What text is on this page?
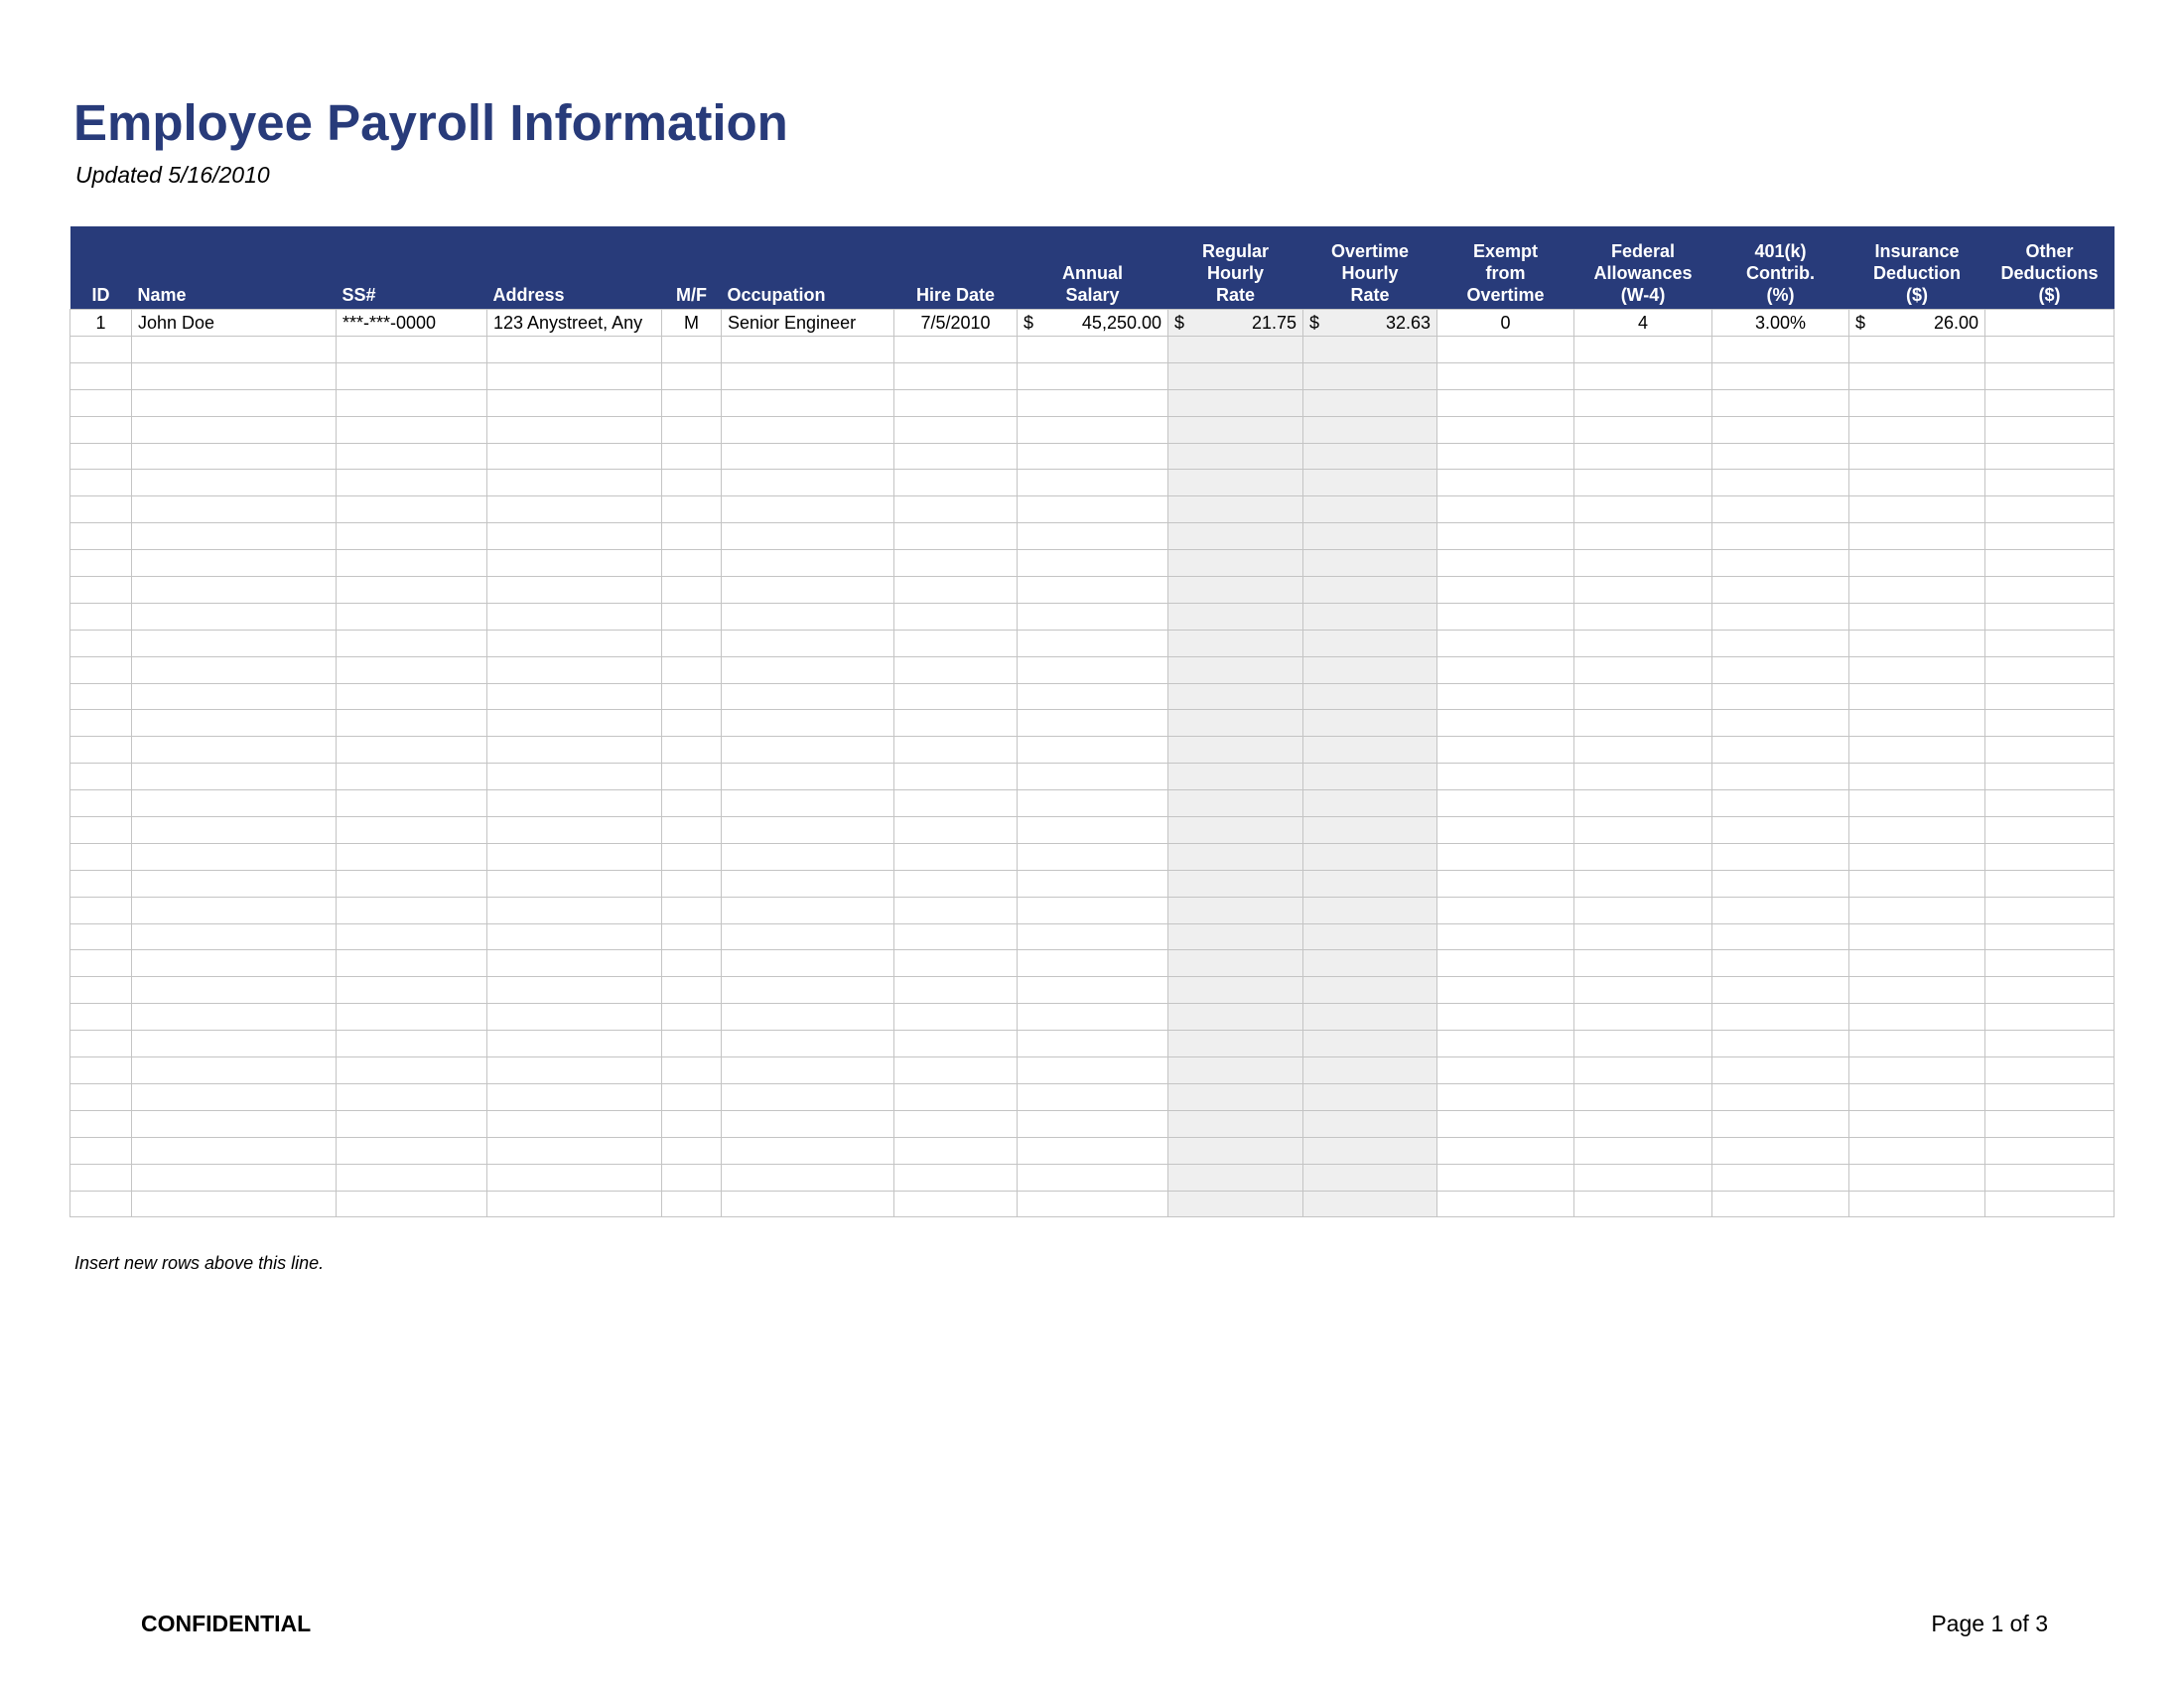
Employee Payroll Information
Updated 5/16/2010
ID	Name	SS#	Address	M/F	Occupation	Hire Date	Annual
Salary	Regular
Hourly
Rate	Overtime
Hourly
Rate	Exempt
from
Overtime	Federal
Allowances
(W-4)	401(k)
Contrib.
(%)	Insurance
Deduction
($)	Other
Deductions
($)
1	John Doe	***-***-0000	123 Anystreet, Any	M	Senior Engineer	7/5/2010	$ 45,250.00	$ 21.75	$ 32.63	0	4	3.00%	$ 26.00	

Insert new rows above this line.
CONFIDENTIAL	Page 1 of 3
